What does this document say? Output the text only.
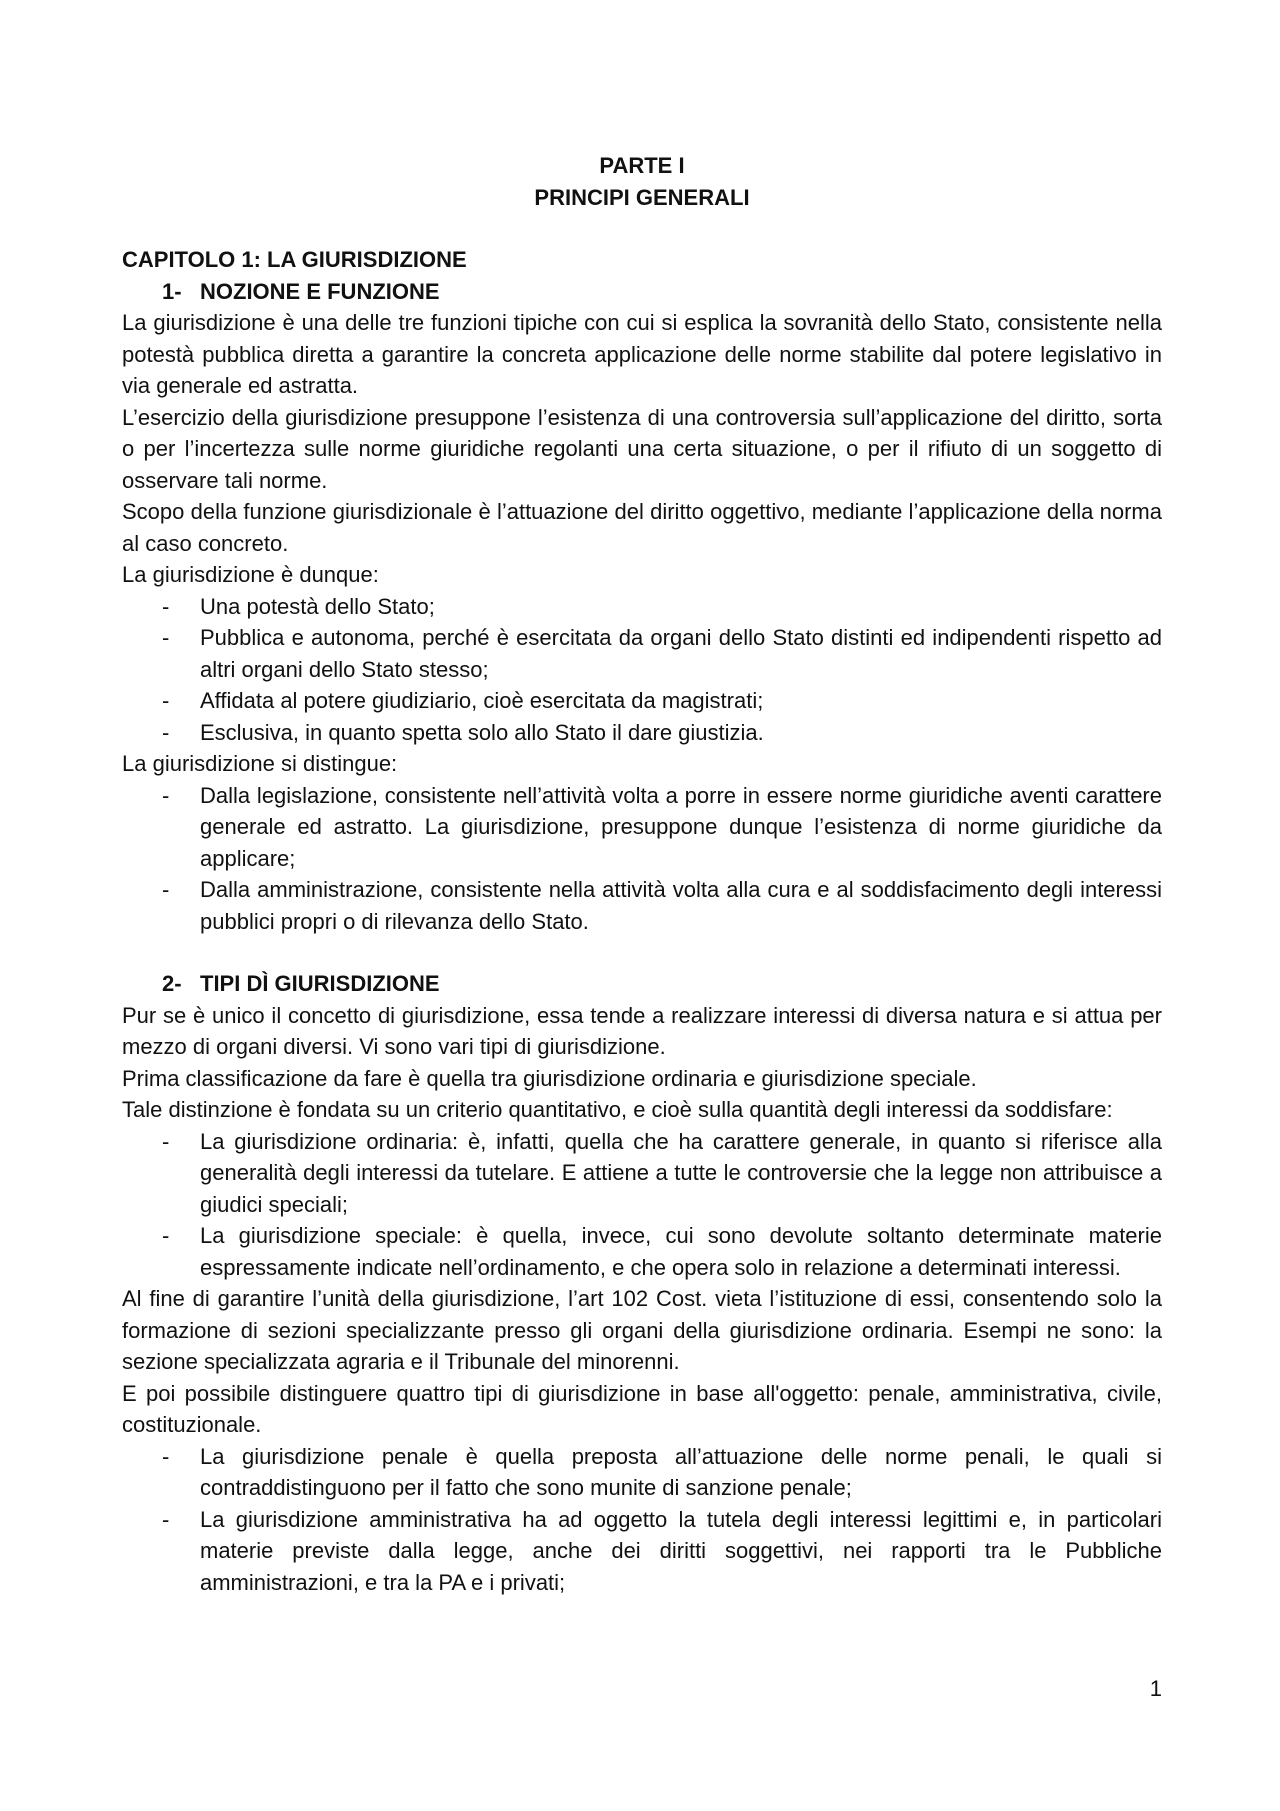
PARTE I
PRINCIPI GENERALI
CAPITOLO 1: LA GIURISDIZIONE
1- NOZIONE E FUNZIONE

La giurisdizione è una delle tre funzioni tipiche con cui si esplica la sovranità dello Stato, consistente nella potestà pubblica diretta a garantire la concreta applicazione delle norme stabilite dal potere legislativo in via generale ed astratta.

L’esercizio della giurisdizione presuppone l’esistenza di una controversia sull’applicazione del diritto, sorta o per l’incertezza sulle norme giuridiche regolanti una certa situazione, o per il rifiuto di un soggetto di osservare tali norme.

Scopo della funzione giurisdizionale è l’attuazione del diritto oggettivo, mediante l’applicazione della norma al caso concreto.

La giurisdizione è dunque:

- Una potestà dello Stato;
- Pubblica e autonoma, perché è esercitata da organi dello Stato distinti ed indipendenti rispetto ad altri organi dello Stato stesso;
- Affidata al potere giudiziario, cioè esercitata da magistrati;
- Esclusiva, in quanto spetta solo allo Stato il dare giustizia.

La giurisdizione si distingue:

- Dalla legislazione, consistente nell’attività volta a porre in essere norme giuridiche aventi carattere generale ed astratto. La giurisdizione, presuppone dunque l’esistenza di norme giuridiche da applicare;
- Dalla amministrazione, consistente nella attività volta alla cura e al soddisfacimento degli interessi pubblici propri o di rilevanza dello Stato.
2- TIPI DÌ GIURISDIZIONE

Pur se è unico il concetto di giurisdizione, essa tende a realizzare interessi di diversa natura e si attua per mezzo di organi diversi. Vi sono vari tipi di giurisdizione.

Prima classificazione da fare è quella tra giurisdizione ordinaria e giurisdizione speciale.

Tale distinzione è fondata su un criterio quantitativo, e cioè sulla quantità degli interessi da soddisfare:

- La giurisdizione ordinaria: è, infatti, quella che ha carattere generale, in quanto si riferisce alla generalità degli interessi da tutelare. E attiene a tutte le controversie che la legge non attribuisce a giudici speciali;
- La giurisdizione speciale: è quella, invece, cui sono devolute soltanto determinate materie espressamente indicate nell’ordinamento, e che opera solo in relazione a determinati interessi.

Al fine di garantire l’unità della giurisdizione, l’art 102 Cost. vieta l’istituzione di essi, consentendo solo la formazione di sezioni specializzante presso gli organi della giurisdizione ordinaria. Esempi ne sono: la sezione specializzata agraria e il Tribunale del minorenni.

E poi possibile distinguere quattro tipi di giurisdizione in base all'oggetto: penale, amministrativa, civile, costituzionale.

- La giurisdizione penale è quella preposta all’attuazione delle norme penali, le quali si contraddistinguono per il fatto che sono munite di sanzione penale;
- La giurisdizione amministrativa ha ad oggetto la tutela degli interessi legittimi e, in particolari materie previste dalla legge, anche dei diritti soggettivi, nei rapporti tra le Pubbliche amministrazioni, e tra la PA e i privati;
1
